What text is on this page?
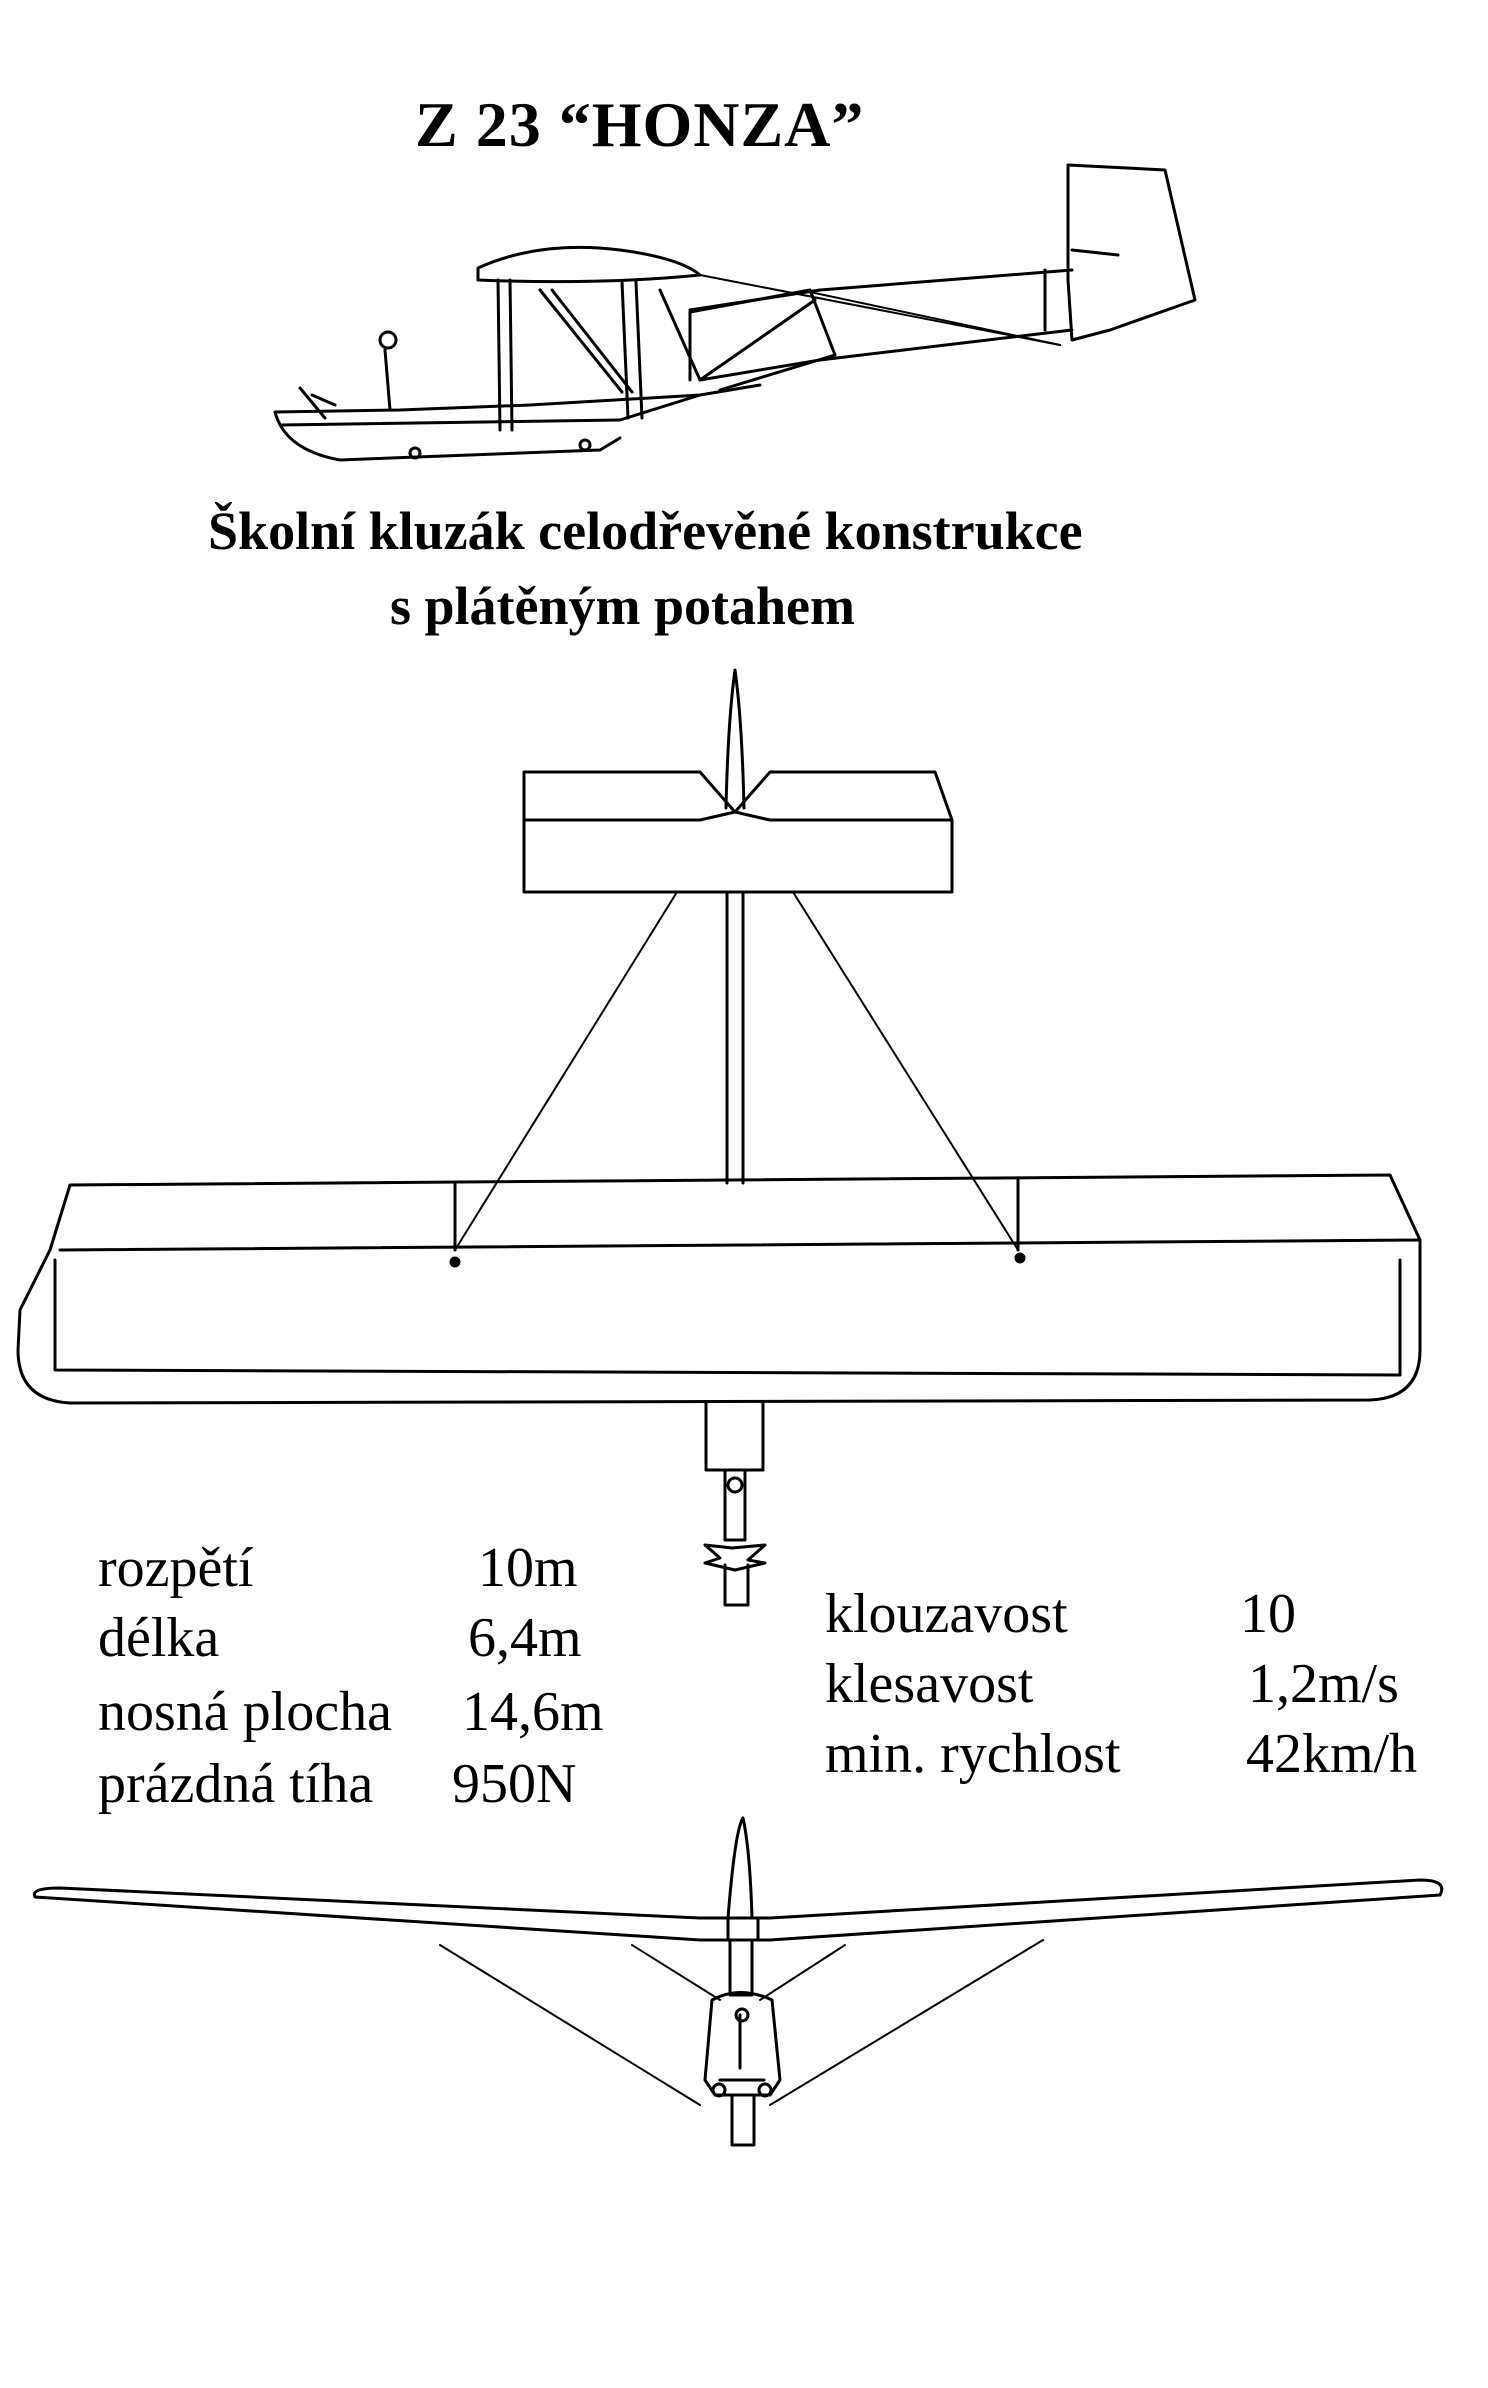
Z 23 “HONZA”
Školní kluzák celodřevěné konstrukce
s plátěným potahem
rozpětí	10m
délka	6,4m
nosná plocha 14,6m
prázdná tíha 950N
klouzavost	10
klesavost	1,2m/s
min. rychlost 42km/h
